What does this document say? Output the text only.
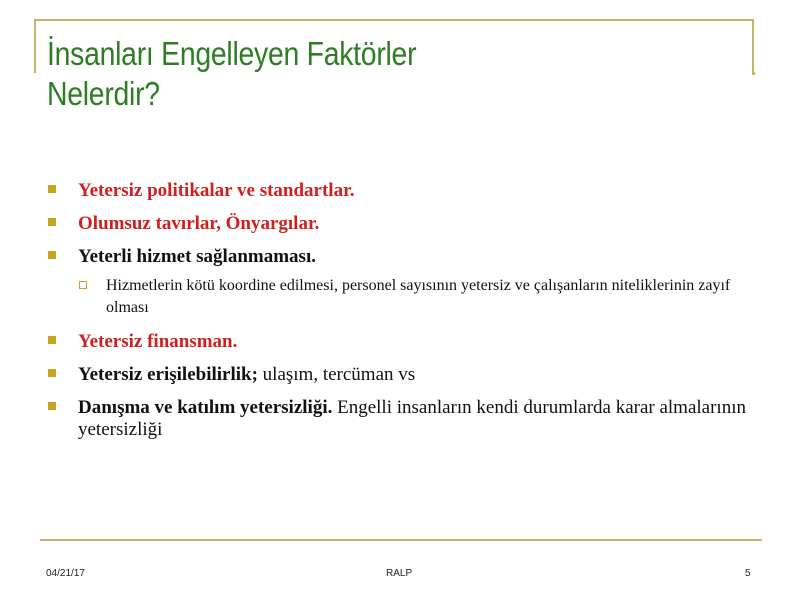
İnsanları Engelleyen Faktörler
Nelerdir?
Yetersiz politikalar ve standartlar.
Olumsuz tavırlar, Önyargılar.
Yeterli hizmet sağlanmaması.
Hizmetlerin kötü koordine edilmesi, personel sayısının yetersiz ve çalışanların niteliklerinin zayıf olması
Yetersiz finansman.
Yetersiz erişilebilirlik; ulaşım, tercüman vs
Danışma ve katılım yetersizliği. Engelli insanların kendi durumlarda karar almalarının yetersizliği
04/21/17	RALP	5
